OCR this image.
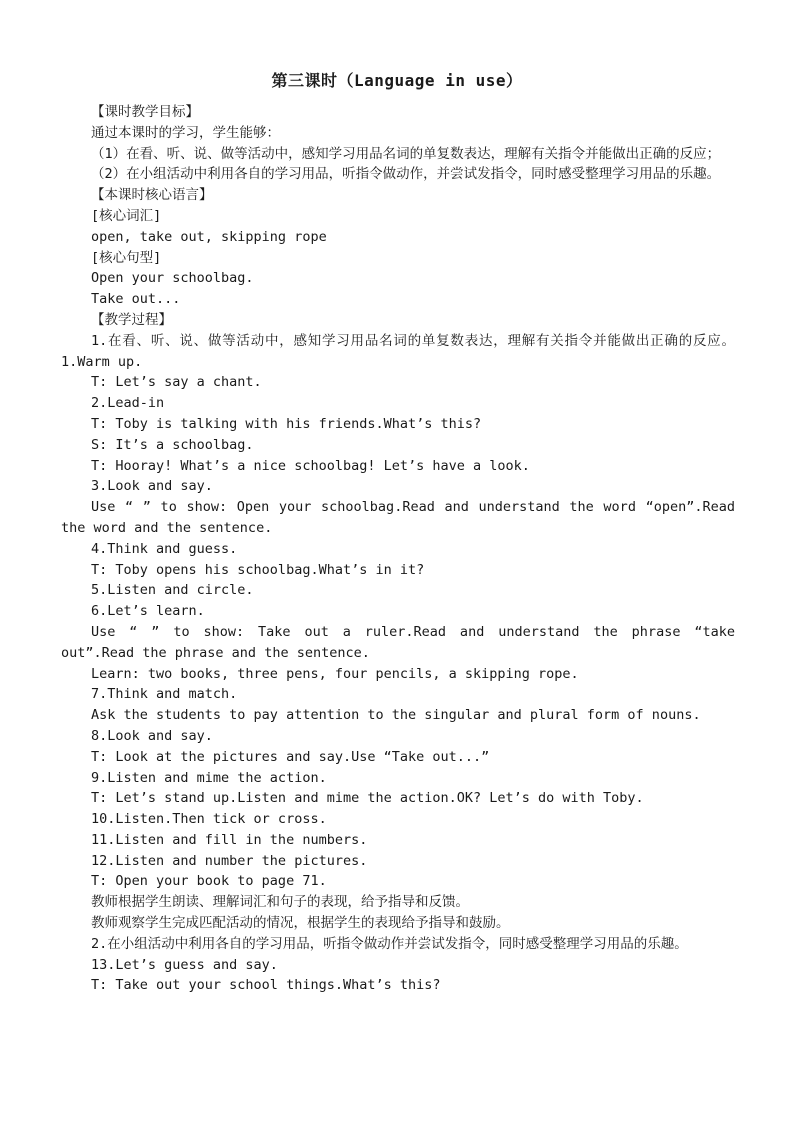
第三课时（Language in use）

【课时教学目标】

通过本课时的学习，学生能够：

（1）在看、听、说、做等活动中，感知学习用品名词的单复数表达，理解有关指令并能做出正确的反应；

（2）在小组活动中利用各自的学习用品，听指令做动作，并尝试发指令，同时感受整理学习用品的乐趣。

【本课时核心语言】

[核心词汇]

open, take out, skipping rope

[核心句型]

Open your schoolbag.

Take out...

【教学过程】

1.在看、听、说、做等活动中，感知学习用品名词的单复数表达，理解有关指令并能做出正确的反应。1.Warm up.

T: Let’s say a chant.

2.Lead-in

T: Toby is talking with his friends.What’s this?

S: It’s a schoolbag.

T: Hooray! What’s a nice schoolbag! Let’s have a look.

3.Look and say.

Use “ ” to show: Open your schoolbag.Read and understand the word “open”.Read the word and the sentence.

4.Think and guess.

T: Toby opens his schoolbag.What’s in it?

5.Listen and circle.

6.Let’s learn.

Use “ ” to show: Take out a ruler.Read and understand the phrase “take out”.Read the phrase and the sentence.

Learn: two books, three pens, four pencils, a skipping rope.

7.Think and match.

Ask the students to pay attention to the singular and plural form of nouns.

8.Look and say.

T: Look at the pictures and say.Use “Take out...”

9.Listen and mime the action.

T: Let’s stand up.Listen and mime the action.OK? Let’s do with Toby.

10.Listen.Then tick or cross.

11.Listen and fill in the numbers.

12.Listen and number the pictures.

T: Open your book to page 71.

教师根据学生朗读、理解词汇和句子的表现，给予指导和反馈。

教师观察学生完成匹配活动的情况，根据学生的表现给予指导和鼓励。

2.在小组活动中利用各自的学习用品，听指令做动作并尝试发指令，同时感受整理学习用品的乐趣。

13.Let’s guess and say.

T: Take out your school things.What’s this?
